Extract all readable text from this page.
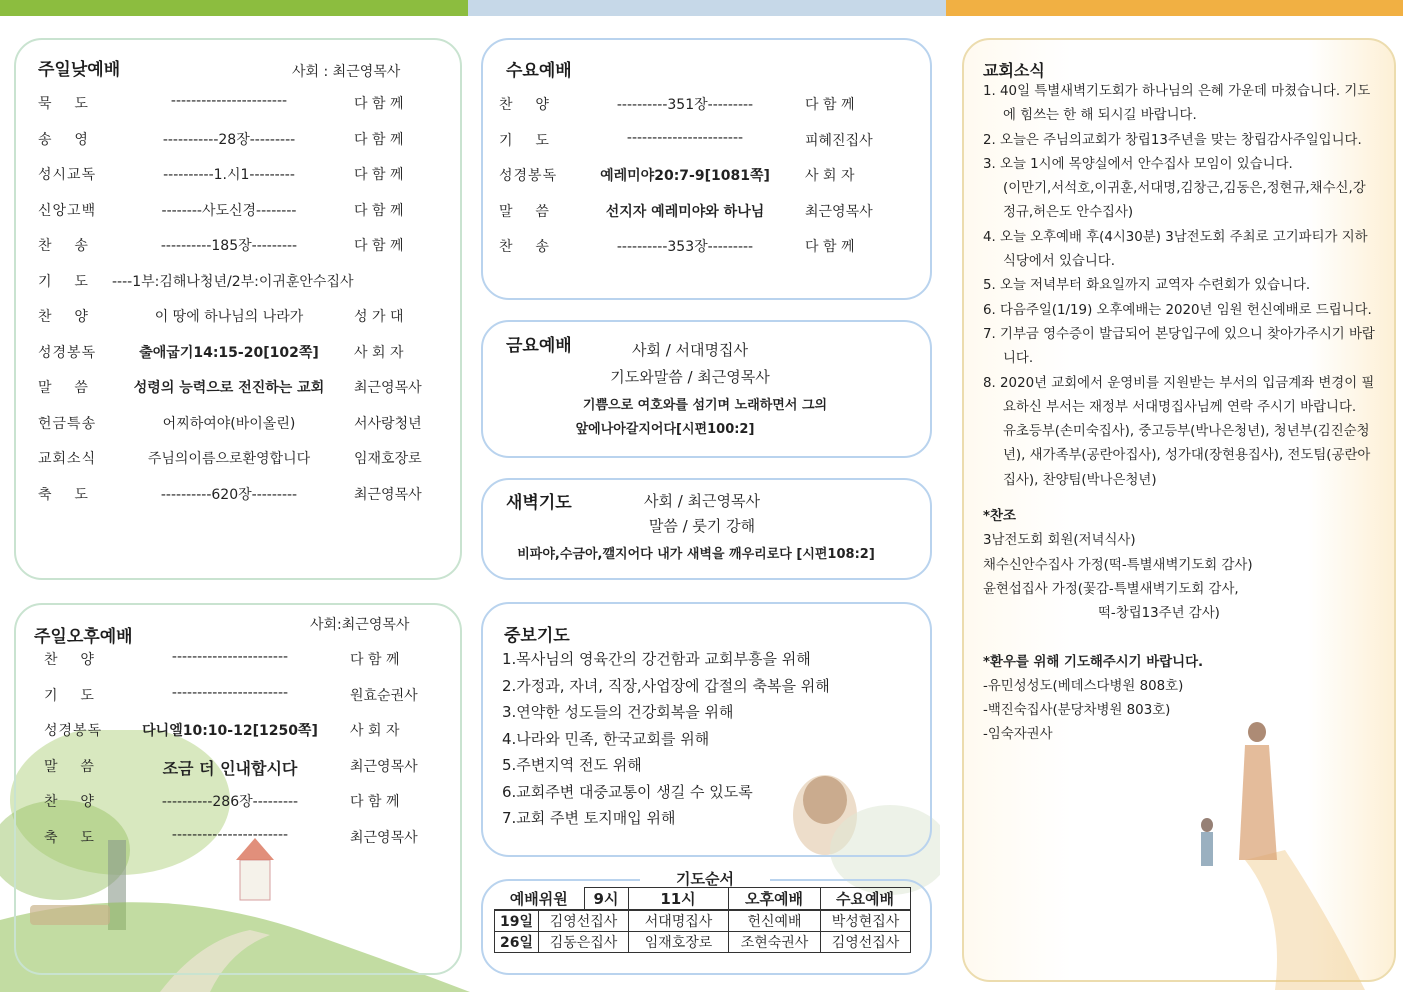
주일낮예배	사회 : 최근영목사
묵    도	-----------------------	다 함 께
송    영	-----------28장---------	다 함 께
성시교독	----------1.시1---------	다 함 께
신앙고백	--------사도신경--------	다 함 께
찬    송	----------185장---------	다 함 께
기    도 ----1부:김해나청년/2부:이귀훈안수집사
찬    양	이 땅에 하나님의 나라가	성 가 대
성경봉독	출애굽기14:15-20[102쪽]	사 회 자
말    씀	성령의 능력으로 전진하는 교회	최근영목사
헌금특송	어찌하여야(바이올린)	서사랑청년
교회소식	주님의이름으로환영합니다	임재호장로
축    도	----------620장---------	최근영목사
주일오후예배
사회:최근영목사
찬    양	-----------------------	다 함 께
기    도	-----------------------	원효순권사
성경봉독	다니엘10:10-12[1250쪽]	사 회 자
말    씀	조금 더 인내합시다	최근영목사
찬    양	----------286장---------	다 함 께
축    도	-----------------------	최근영목사
수요예배
찬    양	----------351장---------	다 함 께
기    도	-----------------------	피혜진집사
성경봉독	예레미야20:7-9[1081쪽]	사 회 자
말    씀	선지자 예레미야와 하나님	최근영목사
찬    송	----------353장---------	다 함 께
금요예배	사회 / 서대명집사
기도와말씀 / 최근영목사
기쁨으로 여호와를 섬기며 노래하면서 그의
앞에나아갈지어다[시편100:2]
새벽기도	사회 / 최근영목사
말씀 / 룻기 강해
비파야,수금아,깰지어다 내가 새벽을 깨우리로다 [시편108:2]
중보기도
1.목사님의 영육간의 강건함과 교회부흥을 위해
2.가정과, 자녀, 직장,사업장에 갑절의 축복을 위해
3.연약한 성도들의 건강회복을 위해
4.나라와 민족, 한국교회를 위해
5.주변지역 전도 위해
6.교회주변 대중교통이 생길 수 있도록
7.교회 주변 토지매입 위해
기도순서
예배위원	9시	11시	오후예배	수요예배
19일	김영선집사	서대명집사	헌신예배	박성현집사
26일	김동은집사	임재호장로	조현숙권사	김영선집사
교회소식
1. 40일 특별새벽기도회가 하나님의 은혜 가운데 마쳤습니다. 기도에 힘쓰는 한 해 되시길 바랍니다.
2. 오늘은 주님의교회가 창립13주년을 맞는 창립감사주일입니다.
3. 오늘 1시에 목양실에서 안수집사 모임이 있습니다.
(이만기,서석호,이귀훈,서대명,김창근,김동은,정현규,채수신,강정규,허은도 안수집사)
4. 오늘 오후예배 후(4시30분) 3남전도회 주최로 고기파티가 지하 식당에서 있습니다.
5. 오늘 저녁부터 화요일까지 교역자 수련회가 있습니다.
6. 다음주일(1/19) 오후예배는 2020년 임원 헌신예배로 드립니다.
7. 기부금 영수증이 발급되어 본당입구에 있으니 찾아가주시기 바랍니다.
8. 2020년 교회에서 운영비를 지원받는 부서의 입금계좌 변경이 필요하신 부서는 재정부 서대명집사님께 연락 주시기 바랍니다.
유초등부(손미숙집사), 중고등부(박나은청년), 청년부(김진순청년), 새가족부(공란아집사), 성가대(장현용집사), 전도팀(공란아집사), 찬양팀(박나은청년)
*찬조
3남전도회 회원(저녁식사)
채수신안수집사 가정(떡-특별새벽기도회 감사)
윤현섭집사 가정(꽃감-특별새벽기도회 감사,
떡-창립13주년 감사)
*환우를 위해 기도해주시기 바랍니다.
-유민성성도(베데스다병원 808호)
-백진숙집사(분당차병원 803호)
-임숙자권사
